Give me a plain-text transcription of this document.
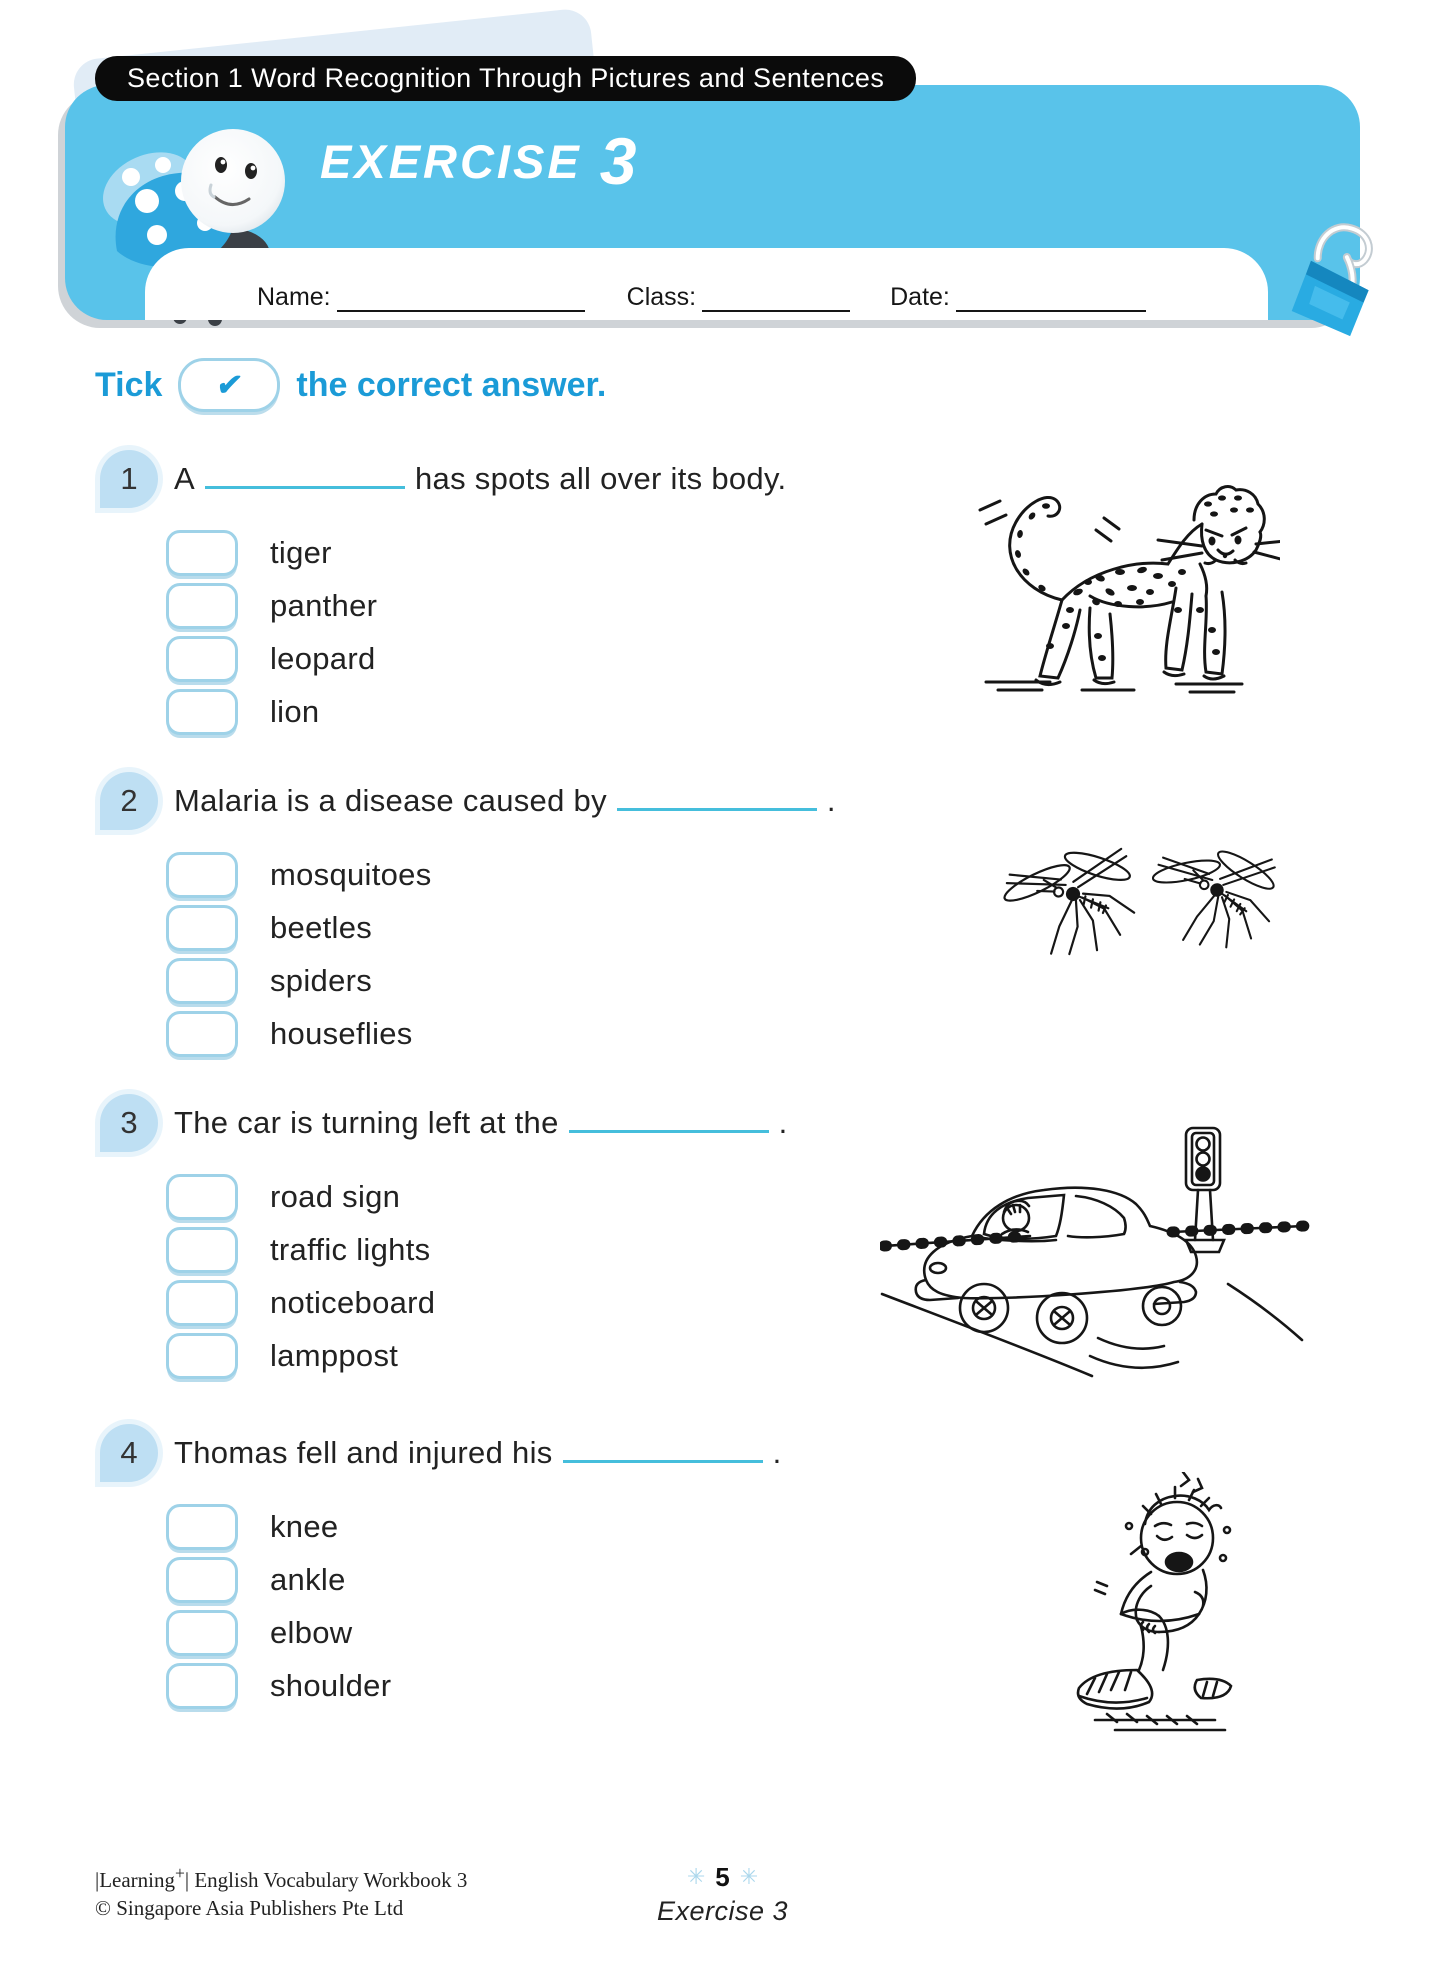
Section 1 Word Recognition Through Pictures and Sentences
EXERCISE 3
Name:	Class:	Date:
Tick ✔ the correct answer.
1	A	has spots all over its body.
tiger
panther
leopard
lion
2	Malaria is a disease caused by	.
mosquitoes
beetles
spiders
houseflies
3	The car is turning left at the	.
road sign
traffic lights
noticeboard
lamppost
4	Thomas fell and injured his	.
knee
ankle
elbow
shoulder
|Learning+| English Vocabulary Workbook 3
© Singapore Asia Publishers Pte Ltd
✳ 5 ✳
Exercise 3
